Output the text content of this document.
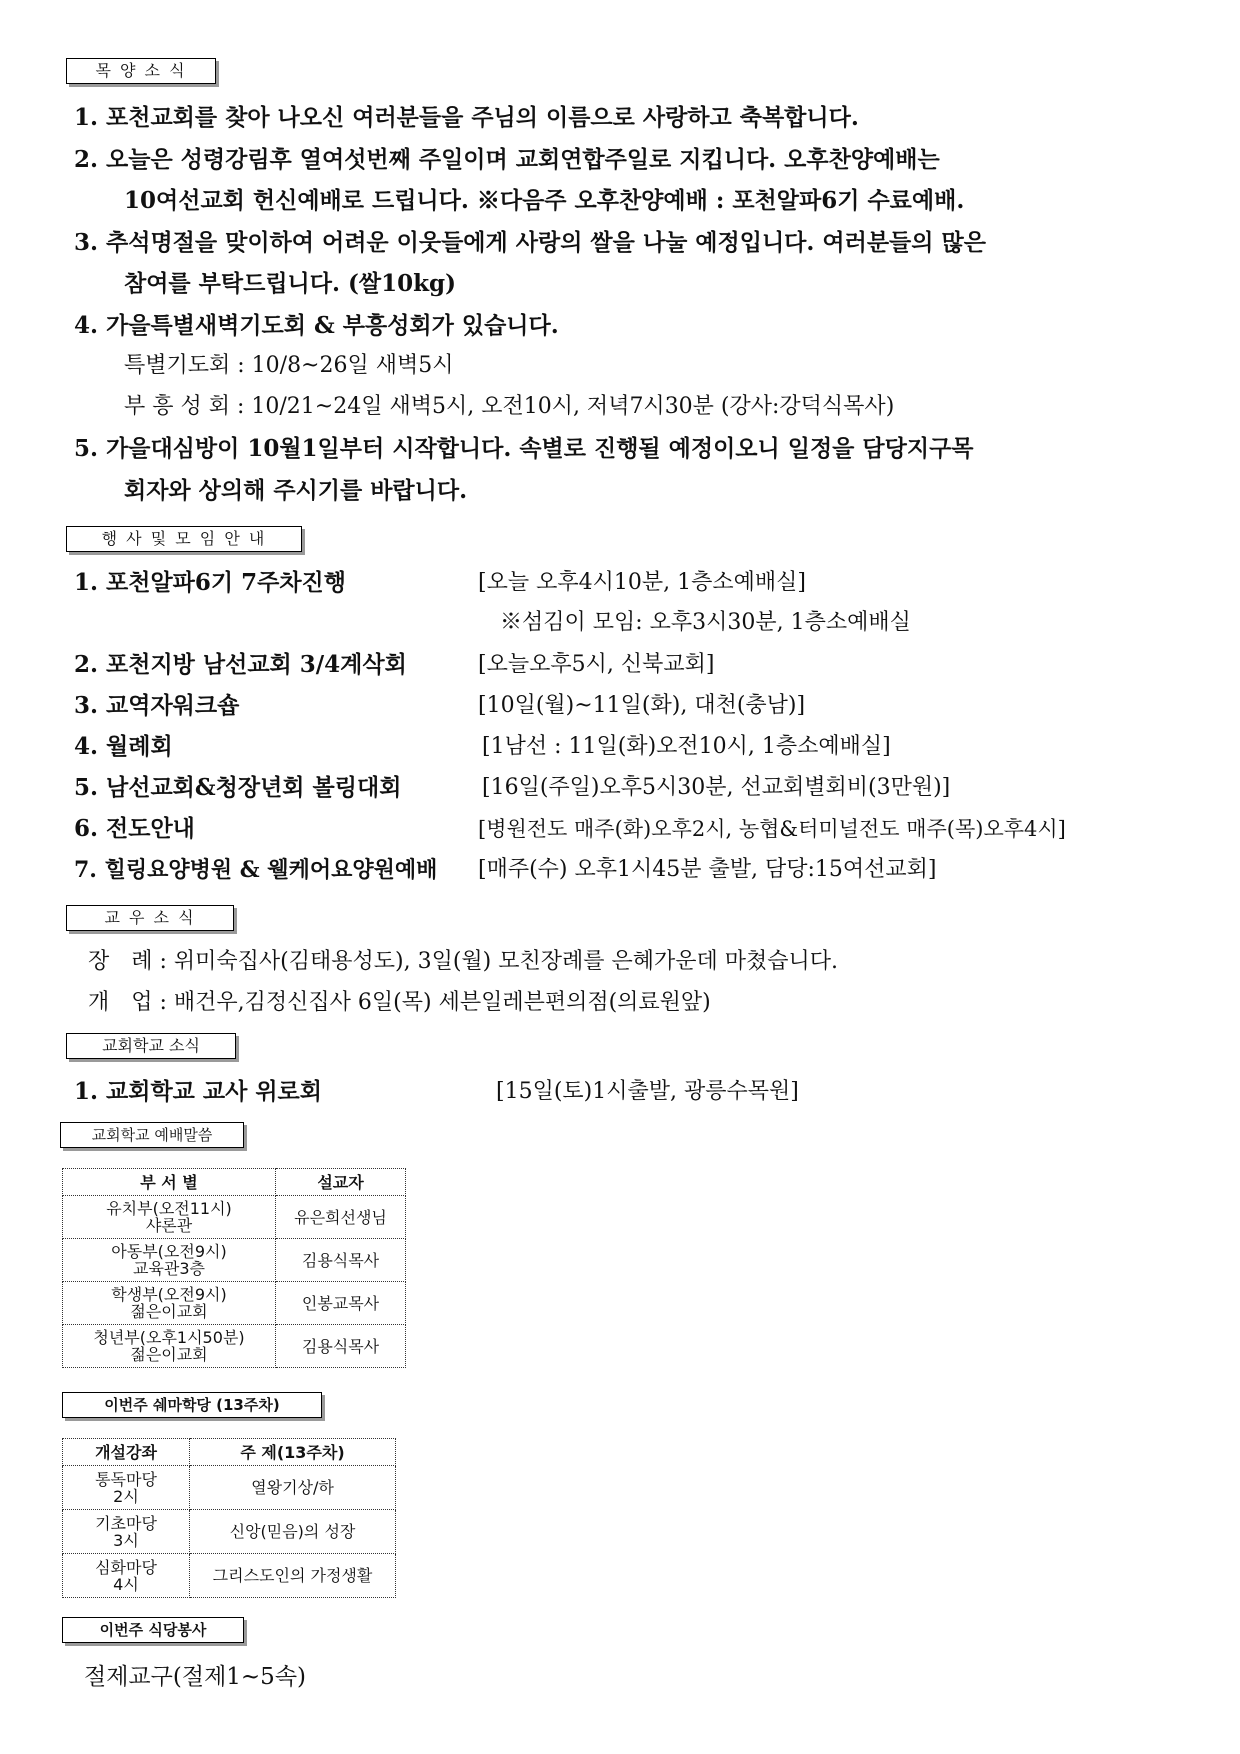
목 양 소 식
1. 포천교회를 찾아 나오신 여러분들을 주님의 이름으로 사랑하고 축복합니다.
2. 오늘은 성령강림후 열여섯번째 주일이며 교회연합주일로 지킵니다. 오후찬양예배는
10여선교회 헌신예배로 드립니다. ※다음주 오후찬양예배 : 포천알파6기 수료예배.
3. 추석명절을 맞이하여 어려운 이웃들에게 사랑의 쌀을 나눌 예정입니다. 여러분들의 많은
참여를 부탁드립니다. (쌀10kg)
4. 가을특별새벽기도회 & 부흥성회가 있습니다.
특별기도회 : 10/8~26일 새벽5시
부 흥 성 회 : 10/21~24일 새벽5시, 오전10시, 저녁7시30분 (강사:강덕식목사)
5. 가을대심방이 10월1일부터 시작합니다. 속별로 진행될 예정이오니 일정을 담당지구목
회자와 상의해 주시기를 바랍니다.
행 사 및 모 임 안 내
1. 포천알파6기 7주차진행	[오늘 오후4시10분, 1층소예배실]
※섬김이 모임: 오후3시30분, 1층소예배실
2. 포천지방 남선교회 3/4계삭회	[오늘오후5시, 신북교회]
3. 교역자워크숍	[10일(월)~11일(화), 대천(충남)]
4. 월례회	[1남선 : 11일(화)오전10시, 1층소예배실]
5. 남선교회&청장년회 볼링대회	[16일(주일)오후5시30분, 선교회별회비(3만원)]
6. 전도안내	[병원전도 매주(화)오후2시, 농협&터미널전도 매주(목)오후4시]
7. 힐링요양병원 & 웰케어요양원예배 [매주(수) 오후1시45분 출발, 담당:15여선교회]
교 우 소 식
장　례 : 위미숙집사(김태용성도), 3일(월) 모친장례를 은혜가운데 마쳤습니다.
개　업 : 배건우,김정신집사 6일(목) 세븐일레븐편의점(의료원앞)
교회학교 소식
1. 교회학교 교사 위로회	[15일(토)1시출발, 광릉수목원]
교회학교 예배말씀
부 서 별	설교자

유치부(오전11시)
샤론관	유은희선생님

아동부(오전9시)
교육관3층	김용식목사

학생부(오전9시)
젊은이교회	인봉교목사

청년부(오후1시50분)
젊은이교회	김용식목사
이번주 쉐마학당 (13주차)
개설강좌	주 제(13주차)

통독마당
2시	열왕기상/하

기초마당
3시	신앙(믿음)의 성장

심화마당
4시	그리스도인의 가정생활
이번주 식당봉사
절제교구(절제1~5속)
